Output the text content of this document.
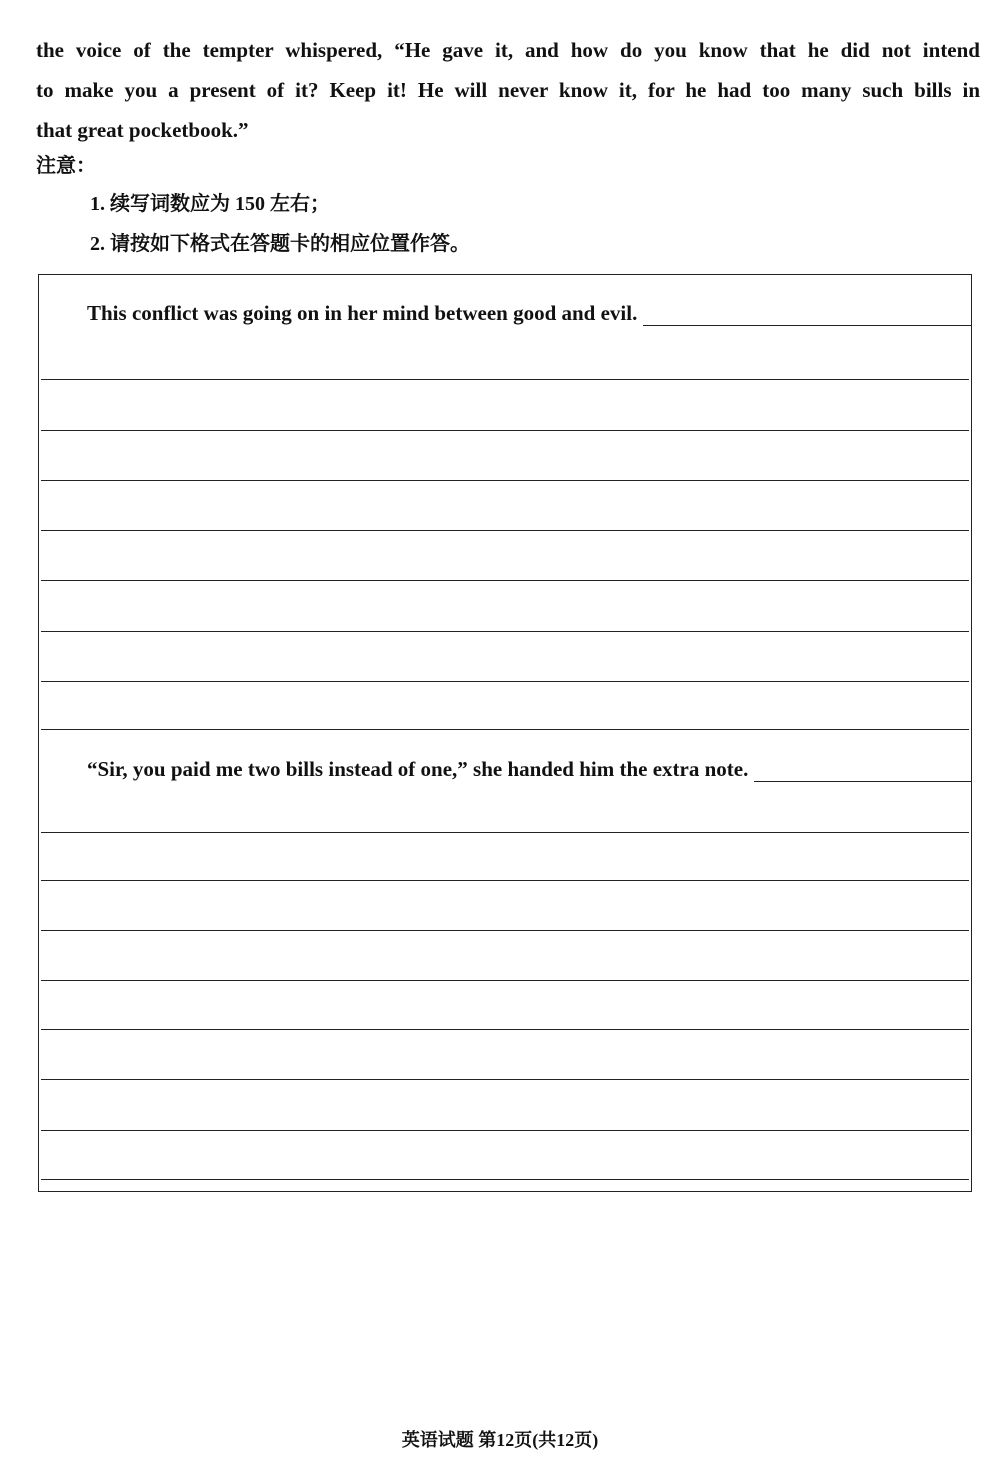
the voice of the tempter whispered, “He gave it, and how do you know that he did not intend
to make you a present of it? Keep it! He will never know it, for he had too many such bills in
that great pocketbook.”
注意：
1. 续写词数应为 150 左右；
2. 请按如下格式在答题卡的相应位置作答。
This conflict was going on in her mind between good and evil.
“Sir, you paid me two bills instead of one,” she handed him the extra note.
英语试题 第12页(共12页)
